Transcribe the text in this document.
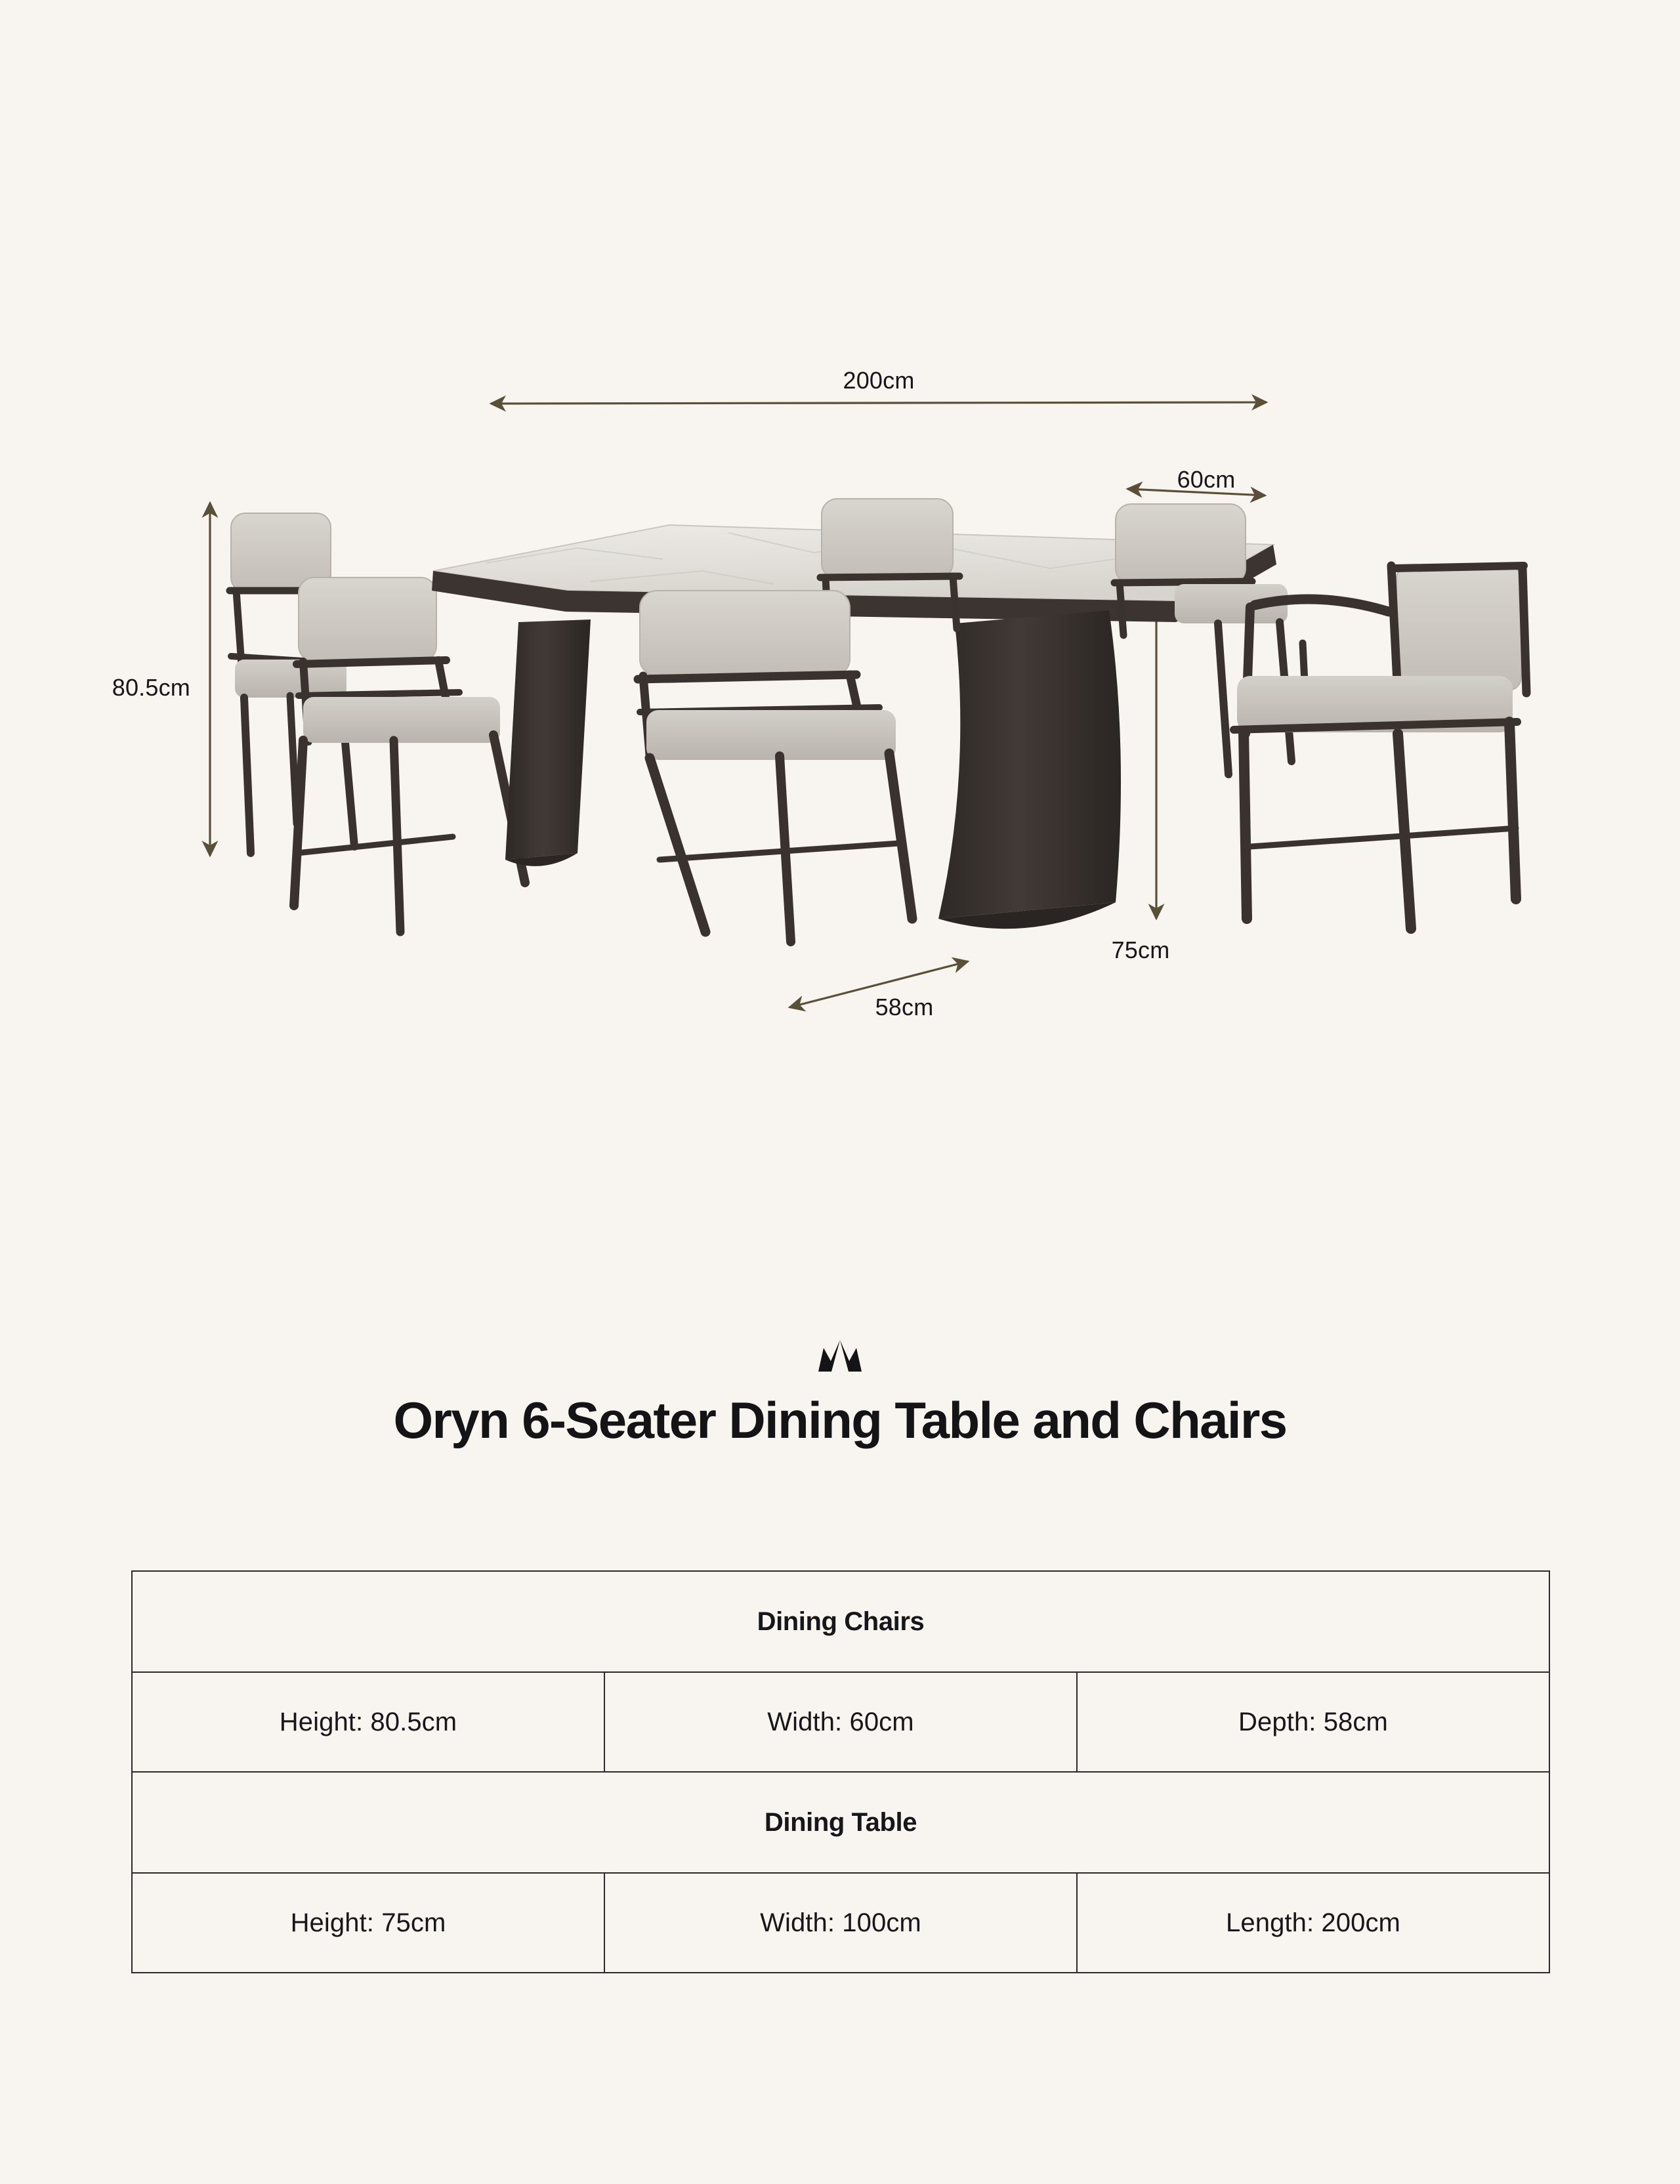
200cm
80.5cm
60cm
75cm
58cm
Oryn 6-Seater Dining Table and Chairs
Dining Chairs		
Height: 80.5cm	Width: 60cm	Depth: 58cm
Dining Table		
Height: 75cm	Width: 100cm	Length: 200cm
